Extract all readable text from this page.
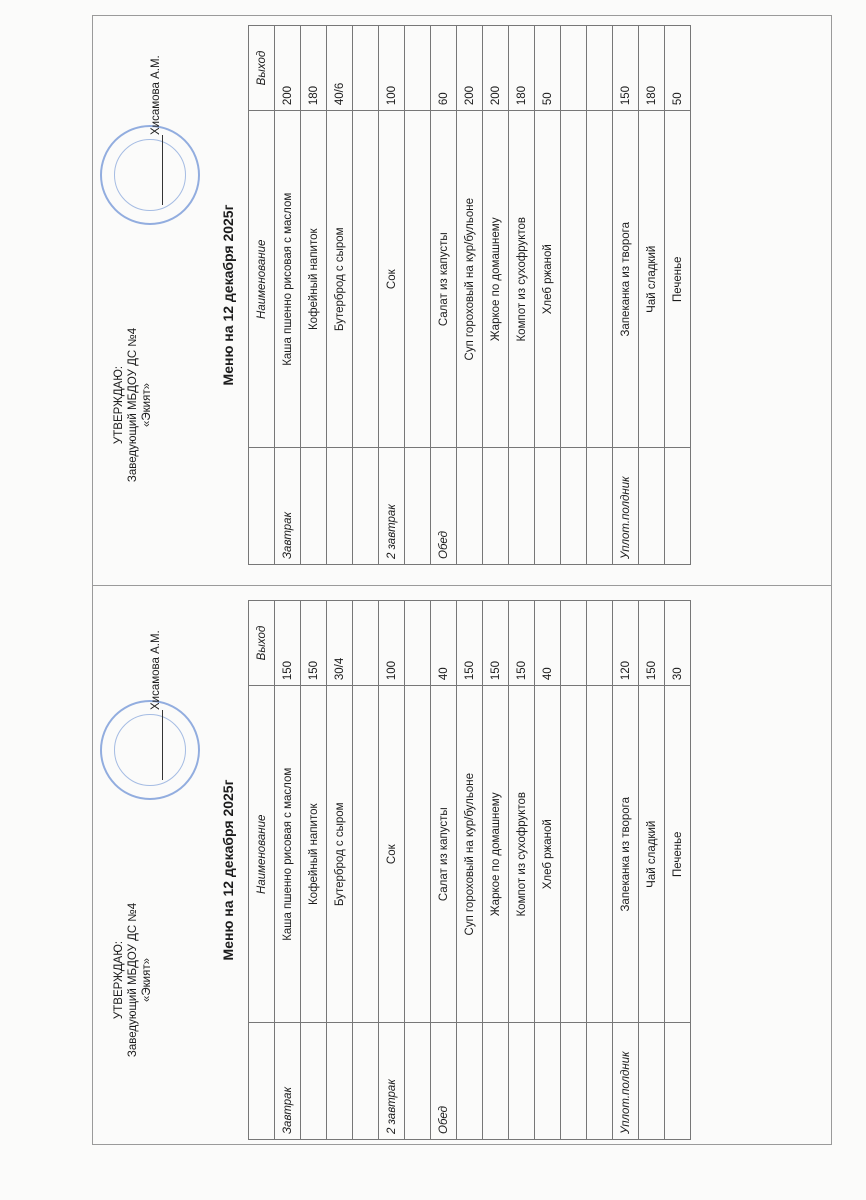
УТВЕРЖДАЮ: Заведующий МБДОУ ДС №4 «Экият»
Хисамова А.М.
Меню на 12 декабря 2025г
	Наименование	Выход
Завтрак	Каша пшенно рисовая с маслом	150
	Кофейный напиток	150
	Бутерброд с сыром	30/4

2 завтрак	Сок	100

Обед	Салат из капусты	40
	Суп гороховый на кур/бульоне	150
	Жаркое по домашнему	150
	Компот из сухофруктов	150
	Хлеб ржаной	40

Уплот.полдник	Запеканка из творога	120
	Чай сладкий	150
	Печенье	30
УТВЕРЖДАЮ: Заведующий МБДОУ ДС №4 «Экият»
Хисамова А.М.
Меню на 12 декабря 2025г
	Наименование	Выход
Завтрак	Каша пшенно рисовая с маслом	200
	Кофейный напиток	180
	Бутерброд с сыром	40/6

2 завтрак	Сок	100

Обед	Салат из капусты	60
	Суп гороховый на кур/бульоне	200
	Жаркое по домашнему	200
	Компот из сухофруктов	180
	Хлеб ржаной	50

Уплот.полдник	Запеканка из творога	150
	Чай сладкий	180
	Печенье	50
